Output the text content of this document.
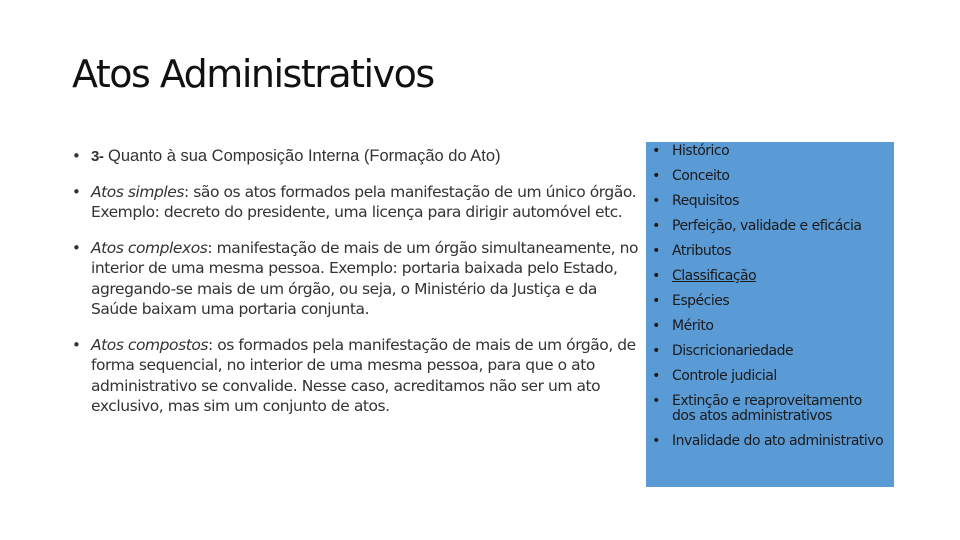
Atos Administrativos
• 3- Quanto à sua Composição Interna (Formação do Ato)
• Atos simples: são os atos formados pela manifestação de um único órgão. Exemplo: decreto do presidente, uma licença para dirigir automóvel etc.
• Atos complexos: manifestação de mais de um órgão simultaneamente, no interior de uma mesma pessoa. Exemplo: portaria baixada pelo Estado, agregando-se mais de um órgão, ou seja, o Ministério da Justiça e da Saúde baixam uma portaria conjunta.
• Atos compostos: os formados pela manifestação de mais de um órgão, de forma sequencial, no interior de uma mesma pessoa, para que o ato administrativo se convalide. Nesse caso, acreditamos não ser um ato exclusivo, mas sim um conjunto de atos.
• Histórico
• Conceito
• Requisitos
• Perfeição, validade e eficácia
• Atributos
• Classificação
• Espécies
• Mérito
• Discricionariedade
• Controle judicial
• Extinção e reaproveitamento dos atos administrativos
• Invalidade do ato administrativo
